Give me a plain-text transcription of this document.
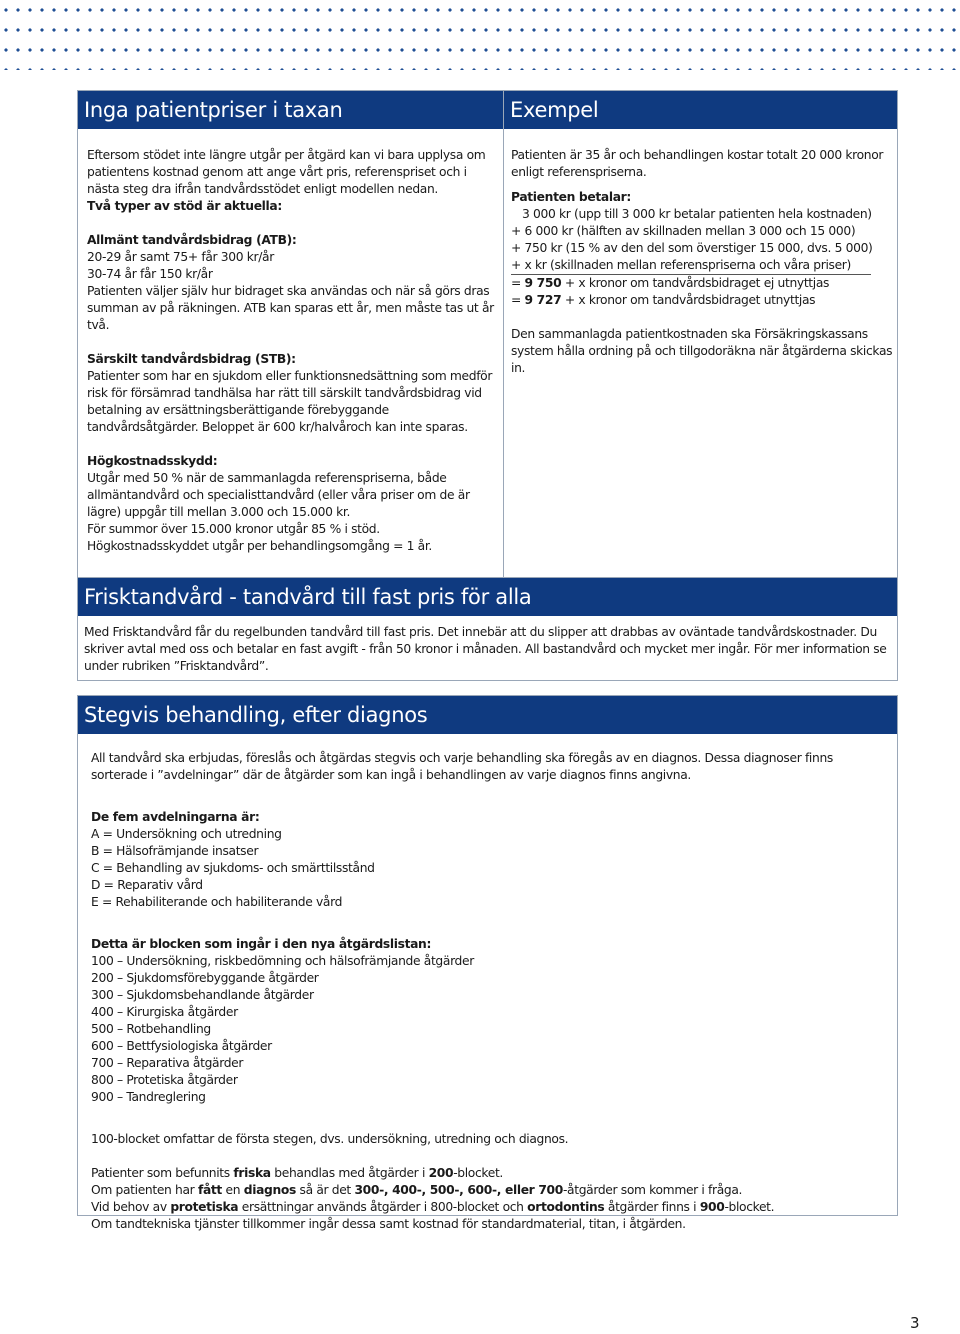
Inga patientpriser i taxan

Eftersom stödet inte längre utgår per åtgärd kan vi bara upplysa om patientens kostnad genom att ange vårt pris, referenspriset och i nästa steg dra ifrån tandvårdsstödet enligt modellen nedan.

Två typer av stöd är aktuella:

Allmänt tandvårdsbidrag (ATB):

20-29 år samt 75+ får 300 kr/år

30-74 år får 150 kr/år

Patienten väljer själv hur bidraget ska användas och när så görs dras summan av på räkningen. ATB kan sparas ett år, men måste tas ut år två.

Särskilt tandvårdsbidrag (STB):

Patienter som har en sjukdom eller funktionsnedsättning som medför risk för försämrad tandhälsa har rätt till särskilt tandvårdsbidrag vid betalning av ersättningsberättigande förebyggande tandvårdsåtgärder. Beloppet är 600 kr/halvåroch kan inte sparas.

Högkostnadsskydd:

Utgår med 50 % när de sammanlagda referenspriserna, både allmäntandvård och specialisttandvård (eller våra priser om de är lägre) uppgår till mellan 3.000 och 15.000 kr.

För summor över 15.000 kronor utgår 85 % i stöd.

Högkostnadsskyddet utgår per behandlingsomgång = 1 år.

Exempel

Patienten är 35 år och behandlingen kostar totalt 20 000 kronor enligt referenspriserna.

Patienten betalar:

3 000 kr (upp till 3 000 kr betalar patienten hela kostnaden)

+ 6 000 kr (hälften av skillnaden mellan 3 000 och 15 000)

+ 750 kr (15 % av den del som överstiger 15 000, dvs. 5 000)

+ x kr (skillnaden mellan referenspriserna och våra priser)

= 9 750 + x kronor om tandvårdsbidraget ej utnyttjas

= 9 727 + x kronor om tandvårdsbidraget utnyttjas

Den sammanlagda patientkostnaden ska Försäkringskassans system hålla ordning på och tillgodoräkna när åtgärderna skickas in.

Frisktandvård - tandvård till fast pris för alla

Med Frisktandvård får du regelbunden tandvård till fast pris. Det innebär att du slipper att drabbas av oväntade tandvårdskostnader. Du skriver avtal med oss och betalar en fast avgift - från 50 kronor i månaden. All bastandvård och mycket mer ingår. För mer information se under rubriken ”Frisktandvård”.

Stegvis behandling, efter diagnos

All tandvård ska erbjudas, föreslås och åtgärdas stegvis och varje behandling ska föregås av en diagnos. Dessa diagnoser finns sorterade i ”avdelningar” där de åtgärder som kan ingå i behandlingen av varje diagnos finns angivna.

De fem avdelningarna är:

A = Undersökning och utredning

B = Hälsofrämjande insatser

C = Behandling av sjukdoms- och smärttilsstånd

D = Reparativ vård

E = Rehabiliterande och habiliterande vård

Detta är blocken som ingår i den nya åtgärdslistan:

100 – Undersökning, riskbedömning och hälsofrämjande åtgärder

200 – Sjukdomsförebyggande åtgärder

300 – Sjukdomsbehandlande åtgärder

400 – Kirurgiska åtgärder

500 – Rotbehandling

600 – Bettfysiologiska åtgärder

700 – Reparativa åtgärder

800 – Protetiska åtgärder

900 – Tandreglering

100-blocket omfattar de första stegen, dvs. undersökning, utredning och diagnos.

Patienter som befunnits friska behandlas med åtgärder i 200-blocket.

Om patienten har fått en diagnos så är det 300-, 400-, 500-, 600-, eller 700-åtgärder som kommer i fråga.

Vid behov av protetiska ersättningar används åtgärder i 800-blocket och ortodontins åtgärder finns i 900-blocket.

Om tandtekniska tjänster tillkommer ingår dessa samt kostnad för standardmaterial, titan, i åtgärden.

3
